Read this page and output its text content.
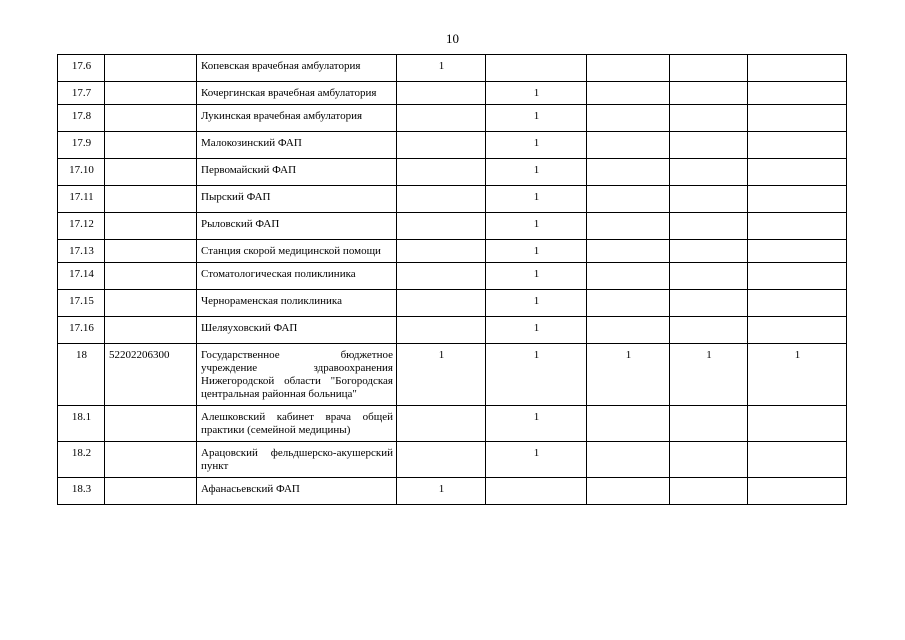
10
17.6		Копевская врачебная амбулатория	1				
17.7		Кочергинская врачебная амбулатория		1			
17.8		Лукинская врачебная амбулатория		1			
17.9		Малокозинский ФАП		1			
17.10		Первомайский ФАП		1			
17.11		Пырский ФАП		1			
17.12		Рыловский ФАП		1			
17.13		Станция скорой медицинской помощи		1			
17.14		Стоматологическая поликлиника		1			
17.15		Чернораменская поликлиника		1			
17.16		Шеляуховский ФАП		1			
18	52202206300	Государственное бюджетное учреждение здравоохранения Нижегородской области "Богородская центральная районная больница"	1	1	1	1	1
18.1		Алешковский кабинет врача общей практики (семейной медицины)		1			
18.2		Арацовский фельдшерско-акушерский пункт		1			
18.3		Афанасьевский ФАП	1				
